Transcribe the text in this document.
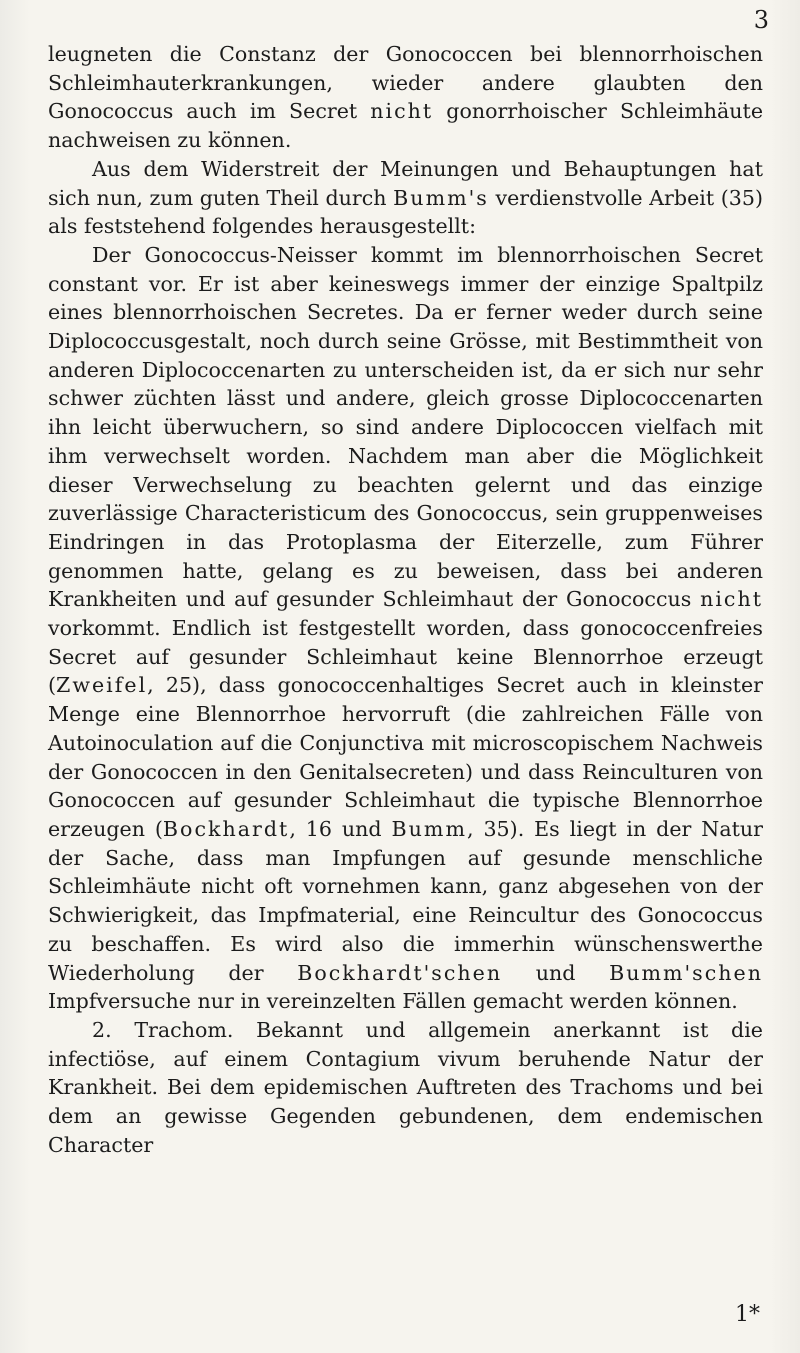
3

leugneten die Constanz der Gonococcen bei blennorrhoischen Schleimhauterkrankungen, wieder andere glaubten den Gonococcus auch im Secret nicht gonorrhoischer Schleimhäute nachweisen zu können.

Aus dem Widerstreit der Meinungen und Behauptungen hat sich nun, zum guten Theil durch Bumm's verdienstvolle Arbeit (35) als feststehend folgendes herausgestellt:

Der Gonococcus-Neisser kommt im blennorrhoischen Secret constant vor. Er ist aber keineswegs immer der einzige Spaltpilz eines blennorrhoischen Secretes. Da er ferner weder durch seine Diplococcusgestalt, noch durch seine Grösse, mit Bestimmtheit von anderen Diplococcenarten zu unterscheiden ist, da er sich nur sehr schwer züchten lässt und andere, gleich grosse Diplococcenarten ihn leicht überwuchern, so sind andere Diplococcen vielfach mit ihm verwechselt worden. Nachdem man aber die Möglichkeit dieser Verwechselung zu beachten gelernt und das einzige zuverlässige Characteristicum des Gonococcus, sein gruppenweises Eindringen in das Protoplasma der Eiterzelle, zum Führer genommen hatte, gelang es zu beweisen, dass bei anderen Krankheiten und auf gesunder Schleimhaut der Gonococcus nicht vorkommt. Endlich ist festgestellt worden, dass gonococcenfreies Secret auf gesunder Schleimhaut keine Blennorrhoe erzeugt (Zweifel, 25), dass gonococcenhaltiges Secret auch in kleinster Menge eine Blennorrhoe hervorruft (die zahlreichen Fälle von Autoinoculation auf die Conjunctiva mit microscopischem Nachweis der Gonococcen in den Genitalsecreten) und dass Reinculturen von Gonococcen auf gesunder Schleimhaut die typische Blennorrhoe erzeugen (Bockhardt, 16 und Bumm, 35). Es liegt in der Natur der Sache, dass man Impfungen auf gesunde menschliche Schleimhäute nicht oft vornehmen kann, ganz abgesehen von der Schwierigkeit, das Impfmaterial, eine Reincultur des Gonococcus zu beschaffen. Es wird also die immerhin wünschenswerthe Wiederholung der Bockhardt'schen und Bumm'schen Impfversuche nur in vereinzelten Fällen gemacht werden können.

2. Trachom. Bekannt und allgemein anerkannt ist die infectiöse, auf einem Contagium vivum beruhende Natur der Krankheit. Bei dem epidemischen Auftreten des Trachoms und bei dem an gewisse Gegenden gebundenen, dem endemischen Character

1*
